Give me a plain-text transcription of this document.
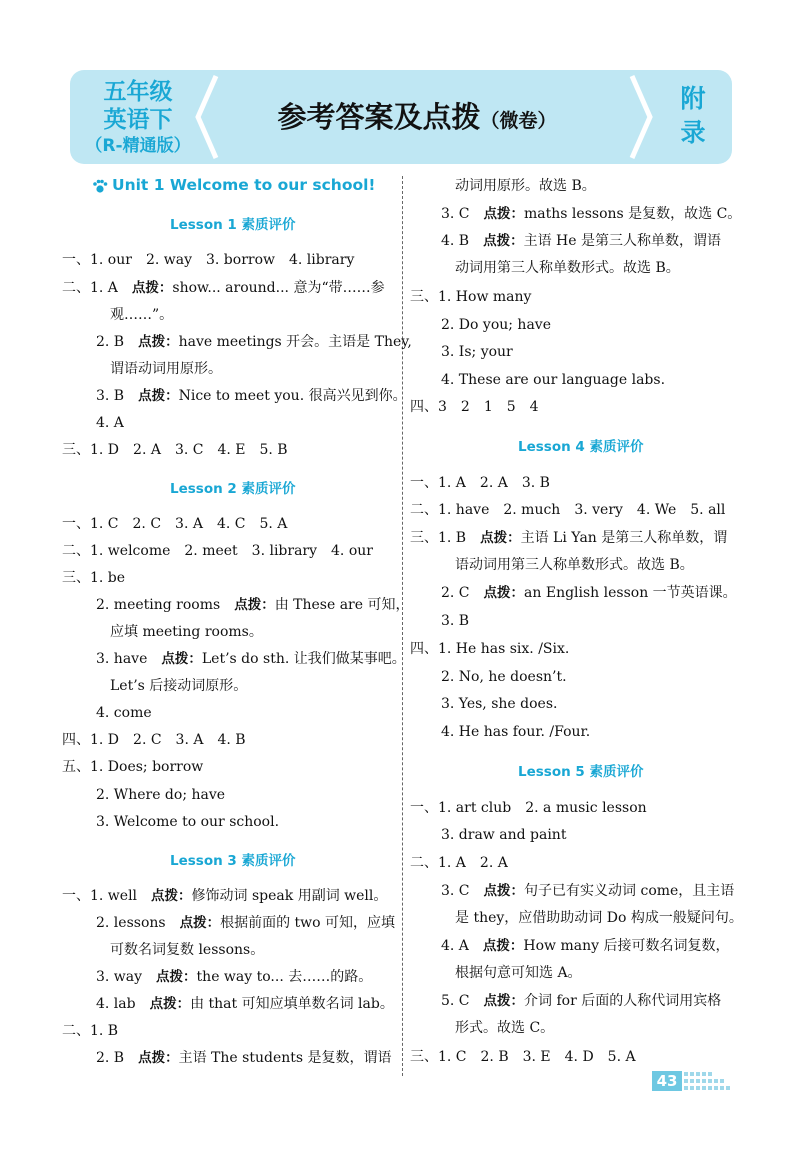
五年级
英语下
（R-精通版）
参考答案及点拨（微卷）
附
录
Unit 1 Welcome to our school!
Lesson 1 素质评价
一、1. our　2. way　3. borrow　4. library
二、1. A　点拨：show... around... 意为“带……参
观……”。
2. B　点拨：have meetings 开会。主语是 They,
谓语动词用原形。
3. B　点拨：Nice to meet you. 很高兴见到你。
4. A
三、1. D　2. A　3. C　4. E　5. B
Lesson 2 素质评价
一、1. C　2. C　3. A　4. C　5. A
二、1. welcome　2. meet　3. library　4. our
三、1. be
2. meeting rooms　点拨：由 These are 可知，
应填 meeting rooms。
3. have　点拨：Let’s do sth. 让我们做某事吧。
Let’s 后接动词原形。
4. come
四、1. D　2. C　3. A　4. B
五、1. Does; borrow
2. Where do; have
3. Welcome to our school.
Lesson 3 素质评价
一、1. well　点拨：修饰动词 speak 用副词 well。
2. lessons　点拨：根据前面的 two 可知，应填
可数名词复数 lessons。
3. way　点拨：the way to... 去……的路。
4. lab　点拨：由 that 可知应填单数名词 lab。
二、1. B
2. B　点拨：主语 The students 是复数，谓语
动词用原形。故选 B。
3. C　点拨：maths lessons 是复数，故选 C。
4. B　点拨：主语 He 是第三人称单数，谓语
动词用第三人称单数形式。故选 B。
三、1. How many
2. Do you; have
3. Is; your
4. These are our language labs.
四、3　2　1　5　4
Lesson 4 素质评价
一、1. A　2. A　3. B
二、1. have　2. much　3. very　4. We　5. all
三、1. B　点拨：主语 Li Yan 是第三人称单数，谓
语动词用第三人称单数形式。故选 B。
2. C　点拨：an English lesson 一节英语课。
3. B
四、1. He has six. /Six.
2. No, he doesn’t.
3. Yes, she does.
4. He has four. /Four.
Lesson 5 素质评价
一、1. art club　2. a music lesson
3. draw and paint
二、1. A　2. A
3. C　点拨：句子已有实义动词 come，且主语
是 they，应借助助动词 Do 构成一般疑问句。
4. A　点拨：How many 后接可数名词复数，
根据句意可知选 A。
5. C　点拨：介词 for 后面的人称代词用宾格
形式。故选 C。
三、1. C　2. B　3. E　4. D　5. A
43
